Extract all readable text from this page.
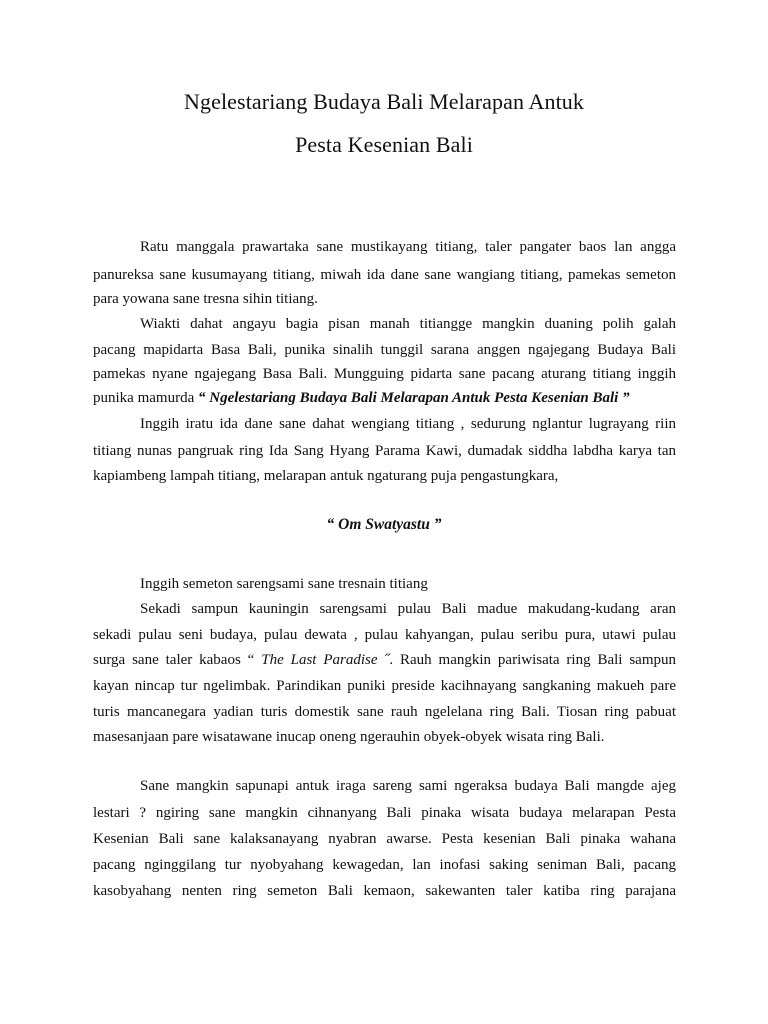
Ngelestariang Budaya Bali Melarapan Antuk
Pesta Kesenian Bali
Ratu manggala prawartaka sane mustikayang titiang, taler pangater baos lan angga
panureksa sane kusumayang titiang, miwah ida dane sane wangiang titiang, pamekas semeton
para yowana sane tresna sihin titiang.
Wiakti dahat angayu bagia pisan manah titiangge mangkin duaning polih galah
pacang mapidarta Basa Bali, punika sinalih tunggil sarana anggen ngajegang Budaya Bali
pamekas nyane ngajegang Basa Bali. Mungguing pidarta sane pacang aturang titiang inggih
punika mamurda “ Ngelestariang Budaya Bali Melarapan Antuk Pesta Kesenian Bali ”
Inggih iratu ida dane sane dahat wengiang titiang , sedurung nglantur lugrayang riin
titiang nunas pangruak ring Ida Sang Hyang Parama Kawi, dumadak siddha labdha karya tan
kapiambeng lampah titiang, melarapan antuk ngaturang puja pengastungkara,
“ Om Swatyastu ”
Inggih semeton sarengsami sane tresnain titiang
Sekadi sampun kauningin sarengsami pulau Bali madue makudang-kudang aran
sekadi pulau seni budaya, pulau dewata , pulau kahyangan, pulau seribu pura, utawi pulau
surga sane taler kabaos “ The Last Paradise ˝. Rauh mangkin pariwisata ring Bali sampun
kayan nincap tur ngelimbak. Parindikan puniki preside kacihnayang sangkaning makueh pare
turis mancanegara yadian turis domestik sane rauh ngelelana ring Bali. Tiosan ring pabuat
masesanjaan pare wisatawane inucap oneng ngerauhin obyek-obyek wisata ring Bali.
Sane mangkin sapunapi antuk iraga sareng sami ngeraksa budaya Bali mangde ajeg
lestari ? ngiring sane mangkin cihnanyang Bali pinaka wisata budaya melarapan Pesta
Kesenian Bali sane kalaksanayang nyabran awarse. Pesta kesenian Bali pinaka wahana
pacang nginggilang tur nyobyahang kewagedan, lan inofasi saking seniman Bali, pacang
kasobyahang nenten ring semeton Bali kemaon, sakewanten taler katiba ring parajana
